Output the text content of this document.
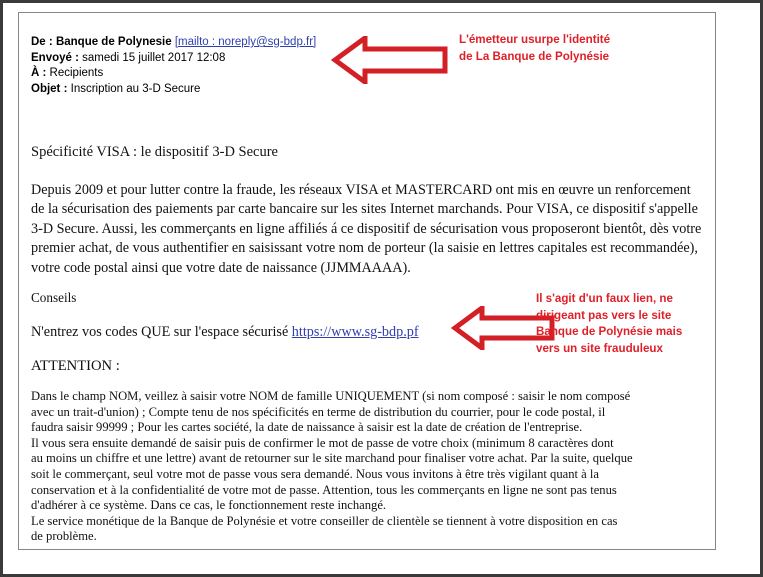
De : Banque de Polynesie [mailto : noreply@sg-bdp.fr]
Envoyé : samedi 15 juillet 2017 12:08
À : Recipients
Objet : Inscription au 3-D Secure
Spécificité VISA : le dispositif 3-D Secure
Depuis 2009 et pour lutter contre la fraude, les réseaux VISA et MASTERCARD ont mis en œuvre un renforcement de la sécurisation des paiements par carte bancaire sur les sites Internet marchands. Pour VISA, ce dispositif s'appelle 3-D Secure. Aussi, les commerçants en ligne affiliés á ce dispositif de sécurisation vous proposeront bientôt, dès votre premier achat, de vous authentifier en saisissant votre nom de porteur (la saisie en lettres capitales est recommandée), votre code postal ainsi que votre date de naissance (JJMMAAAA).
Conseils
N'entrez vos codes QUE sur l'espace sécurisé https://www.sg-bdp.pf
ATTENTION :
Dans le champ NOM, veillez à saisir votre NOM de famille UNIQUEMENT (si nom composé : saisir le nom composé
avec un trait-d'union) ; Compte tenu de nos spécificités en terme de distribution du courrier, pour le code postal, il
faudra saisir 99999 ; Pour les cartes société, la date de naissance à saisir est la date de création de l'entreprise.
Il vous sera ensuite demandé de saisir puis de confirmer le mot de passe de votre choix (minimum 8 caractères dont
au moins un chiffre et une lettre) avant de retourner sur le site marchand pour finaliser votre achat. Par la suite, quelque
soit le commerçant, seul votre mot de passe vous sera demandé. Nous vous invitons à être très vigilant quant à la
conservation et à la confidentialité de votre mot de passe. Attention, tous les commerçants en ligne ne sont pas tenus
d'adhérer à ce système. Dans ce cas, le fonctionnement reste inchangé.
Le service monétique de la Banque de Polynésie et votre conseiller de clientèle se tiennent à votre disposition en cas
de problème.
L'émetteur usurpe l'identité
de La Banque de Polynésie
Il s'agit d'un faux lien, ne
dirigeant pas vers le site
Banque de Polynésie mais
vers un site frauduleux
